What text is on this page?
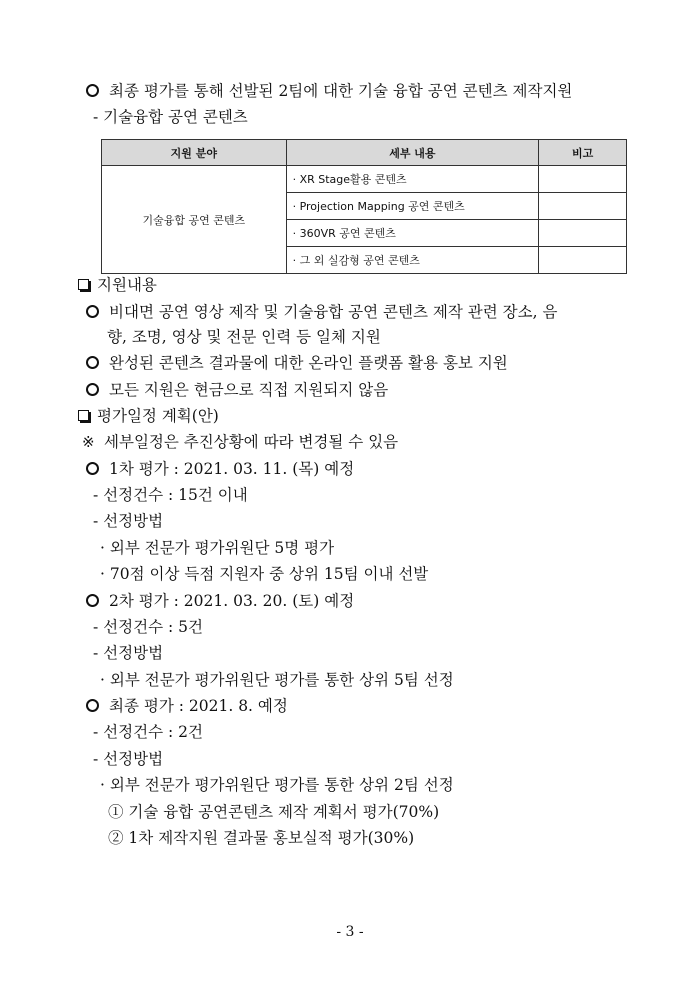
최종 평가를 통해 선발된 2팀에 대한 기술 융합 공연 콘텐츠 제작지원
- 기술융합 공연 콘텐츠
지원 분야	세부 내용	비고
기술융합 공연 콘텐츠	· XR Stage활용 콘텐츠	
	· Projection Mapping 공연 콘텐츠	
	· 360VR 공연 콘텐츠	
	· 그 외 실감형 공연 콘텐츠	
지원내용
비대면 공연 영상 제작 및 기술융합 공연 콘텐츠 제작 관련 장소, 음
향, 조명, 영상 및 전문 인력 등 일체 지원
완성된 콘텐츠 결과물에 대한 온라인 플랫폼 활용 홍보 지원
모든 지원은 현금으로 직접 지원되지 않음
평가일정 계획(안)
※ 세부일정은 추진상황에 따라 변경될 수 있음
1차 평가 : 2021. 03. 11. (목) 예정
- 선정건수 : 15건 이내
- 선정방법
· 외부 전문가 평가위원단 5명 평가
· 70점 이상 득점 지원자 중 상위 15팀 이내 선발
2차 평가 : 2021. 03. 20. (토) 예정
- 선정건수 : 5건
- 선정방법
· 외부 전문가 평가위원단 평가를 통한 상위 5팀 선정
최종 평가 : 2021. 8. 예정
- 선정건수 : 2건
- 선정방법
· 외부 전문가 평가위원단 평가를 통한 상위 2팀 선정
① 기술 융합 공연콘텐츠 제작 계획서 평가(70%)
② 1차 제작지원 결과물 홍보실적 평가(30%)
- 3 -
